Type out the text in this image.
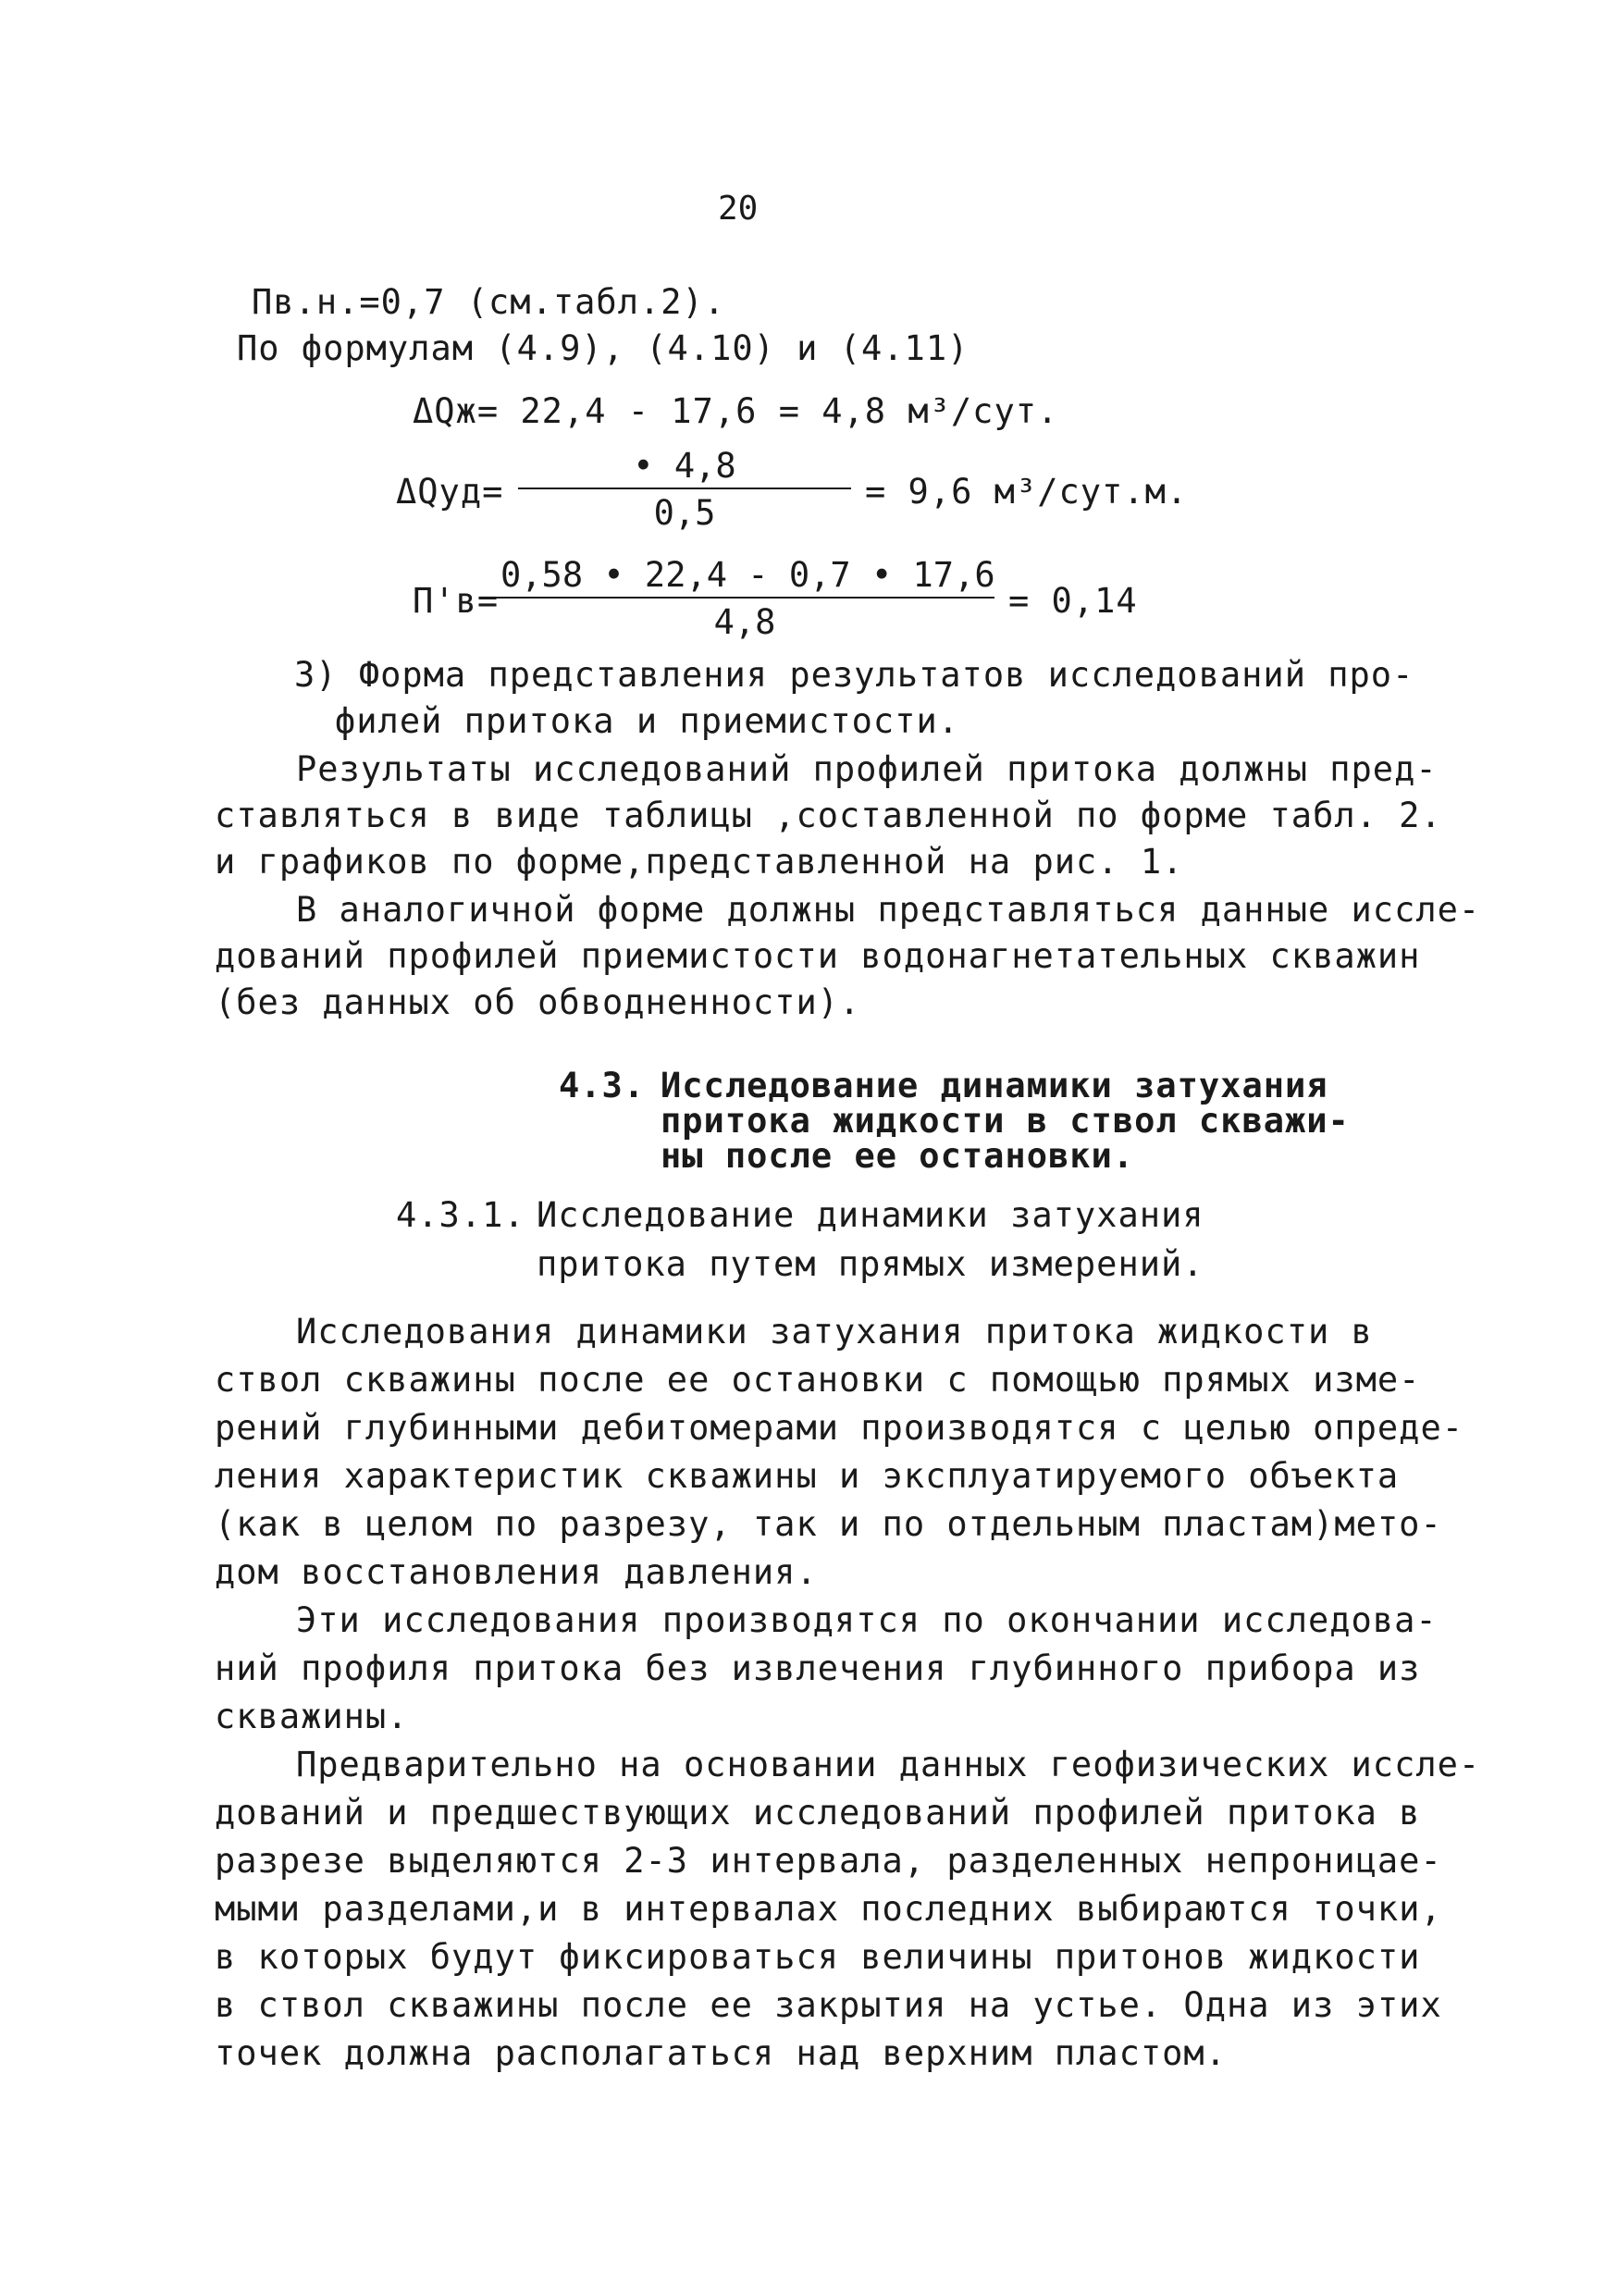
20
Пв.н.=0,7 (см.табл.2).
По формулам (4.9), (4.10) и (4.11)
ΔQж= 22,4 - 17,6 = 4,8 м³/сут.
$\Delta Qуд= \frac{• 4,8}{0,5} = 9,6$ м³/сут.м.
П'в=
$\frac{0,58 • 22,4 - 0,7 • 17,6}{4,8} = 0,14$
3) Форма представления результатов исследований про-
филей притока и приемистости.
Результаты исследований профилей притока должны пред-
ставляться в виде таблицы ,составленной по форме табл. 2.
и графиков по форме,представленной на рис. 1.
В аналогичной форме должны представляться данные иссле-
дований профилей приемистости водонагнетательных скважин
(без данных об обводненности).
4.3. Исследование динамики затухания
притока жидкости в ствол скважи-
ны после ее остановки.
4.3.1. Исследование динамики затухания
притока путем прямых измерений.
Исследования динамики затухания притока жидкости в
ствол скважины после ее остановки с помощью прямых изме-
рений глубинными дебитомерами производятся с целью опреде-
ления характеристик скважины и эксплуатируемого объекта
(как в целом по разрезу, так и по отдельным пластам)мето-
дом восстановления давления.
Эти исследования производятся по окончании исследова-
ний профиля притока без извлечения глубинного прибора из
скважины.
Предварительно на основании данных геофизических иссле-
дований и предшествующих исследований профилей притока в
разрезе выделяются 2-3 интервала, разделенных непроницае-
мыми разделами,и в интервалах последних выбираются точки,
в которых будут фиксироваться величины притонов жидкости
в ствол скважины после ее закрытия на устье. Одна из этих
точек должна располагаться над верхним пластом.
